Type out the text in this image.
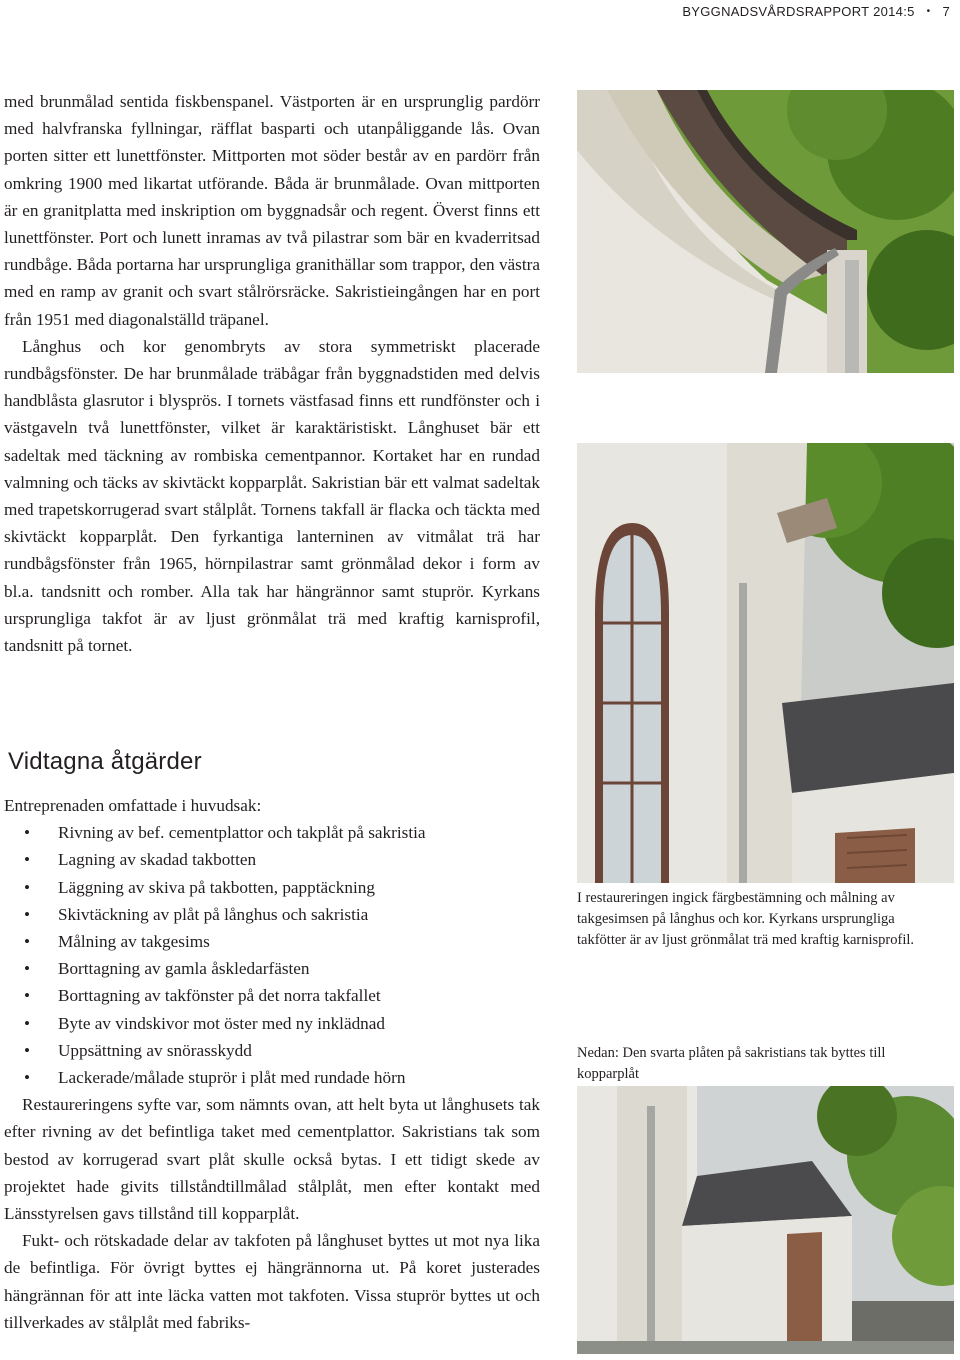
BYGGNADSVÅRDSRAPPORT 2014:5 • 7

med brunmålad sentida fiskbenspanel. Västporten är en ursprunglig pardörr med halvfranska fyllningar, räfflat basparti och utanpåliggande lås. Ovan porten sitter ett lunettfönster. Mittporten mot söder består av en pardörr från omkring 1900 med likartat utförande. Båda är brunmålade. Ovan mittporten är en granitplatta med inskription om byggnadsår och regent. Överst finns ett lunettfönster. Port och lunett inramas av två pilastrar som bär en kvaderritsad rundbåge. Båda portarna har ursprungliga granithällar som trappor, den västra med en ramp av granit och svart stålrörsräcke. Sakristieingången har en port från 1951 med diagonalställd träpanel.

Långhus och kor genombryts av stora symmetriskt placerade rundbågsfönster. De har brunmålade träbågar från byggnadstiden med delvis handblåsta glasrutor i blysprös. I tornets västfasad finns ett rundfönster och i västgaveln två lunettfönster, vilket är karaktäristiskt. Långhuset bär ett sadeltak med täckning av rombiska cementpannor. Kortaket har en rundad valmning och täcks av skivtäckt kopparplåt. Sakristian bär ett valmat sadeltak med trapetskorrugerad svart stålplåt. Tornens takfall är flacka och täckta med skivtäckt kopparplåt. Den fyrkantiga lanterninen av vitmålat trä har rundbågsfönster från 1965, hörnpilastrar samt grönmålad dekor i form av bl.a. tandsnitt och romber. Alla tak har hängrännor samt stuprör. Kyrkans ursprungliga takfot är av ljust grönmålat trä med kraftig karnisprofil, tandsnitt på tornet.

Vidtagna åtgärder

Entreprenaden omfattade i huvudsak:

• Rivning av bef. cementplattor och takplåt på sakristia
• Lagning av skadad takbotten
• Läggning av skiva på takbotten, papptäckning
• Skivtäckning av plåt på långhus och sakristia
• Målning av takgesims
• Borttagning av gamla åskledarfästen
• Borttagning av takfönster på det norra takfallet
• Byte av vindskivor mot öster med ny inklädnad
• Uppsättning av snörasskydd
• Lackerade/målade stuprör i plåt med rundade hörn

Restaureringens syfte var, som nämnts ovan, att helt byta ut långhusets tak efter rivning av det befintliga taket med cementplattor. Sakristians tak som bestod av korrugerad svart plåt skulle också bytas. I ett tidigt skede av projektet hade givits tillståndtillmålad stålplåt, men efter kontakt med Länsstyrelsen gavs tillstånd till kopparplåt.

Fukt- och rötskadade delar av takfoten på långhuset byttes ut mot nya lika de befintliga. För övrigt byttes ej hängrännorna ut. På koret justerades hängrännan för att inte läcka vatten mot takfoten. Vissa stuprör byttes ut och tillverkades av stålplåt med fabriks-

I restaureringen ingick färgbestämning och målning av takgesimsen på långhus och kor. Kyrkans ursprungliga takfötter är av ljust grönmålat trä med kraftig karnisprofil.
Nedan: Den svarta plåten på sakristians tak byttes till kopparplåt
